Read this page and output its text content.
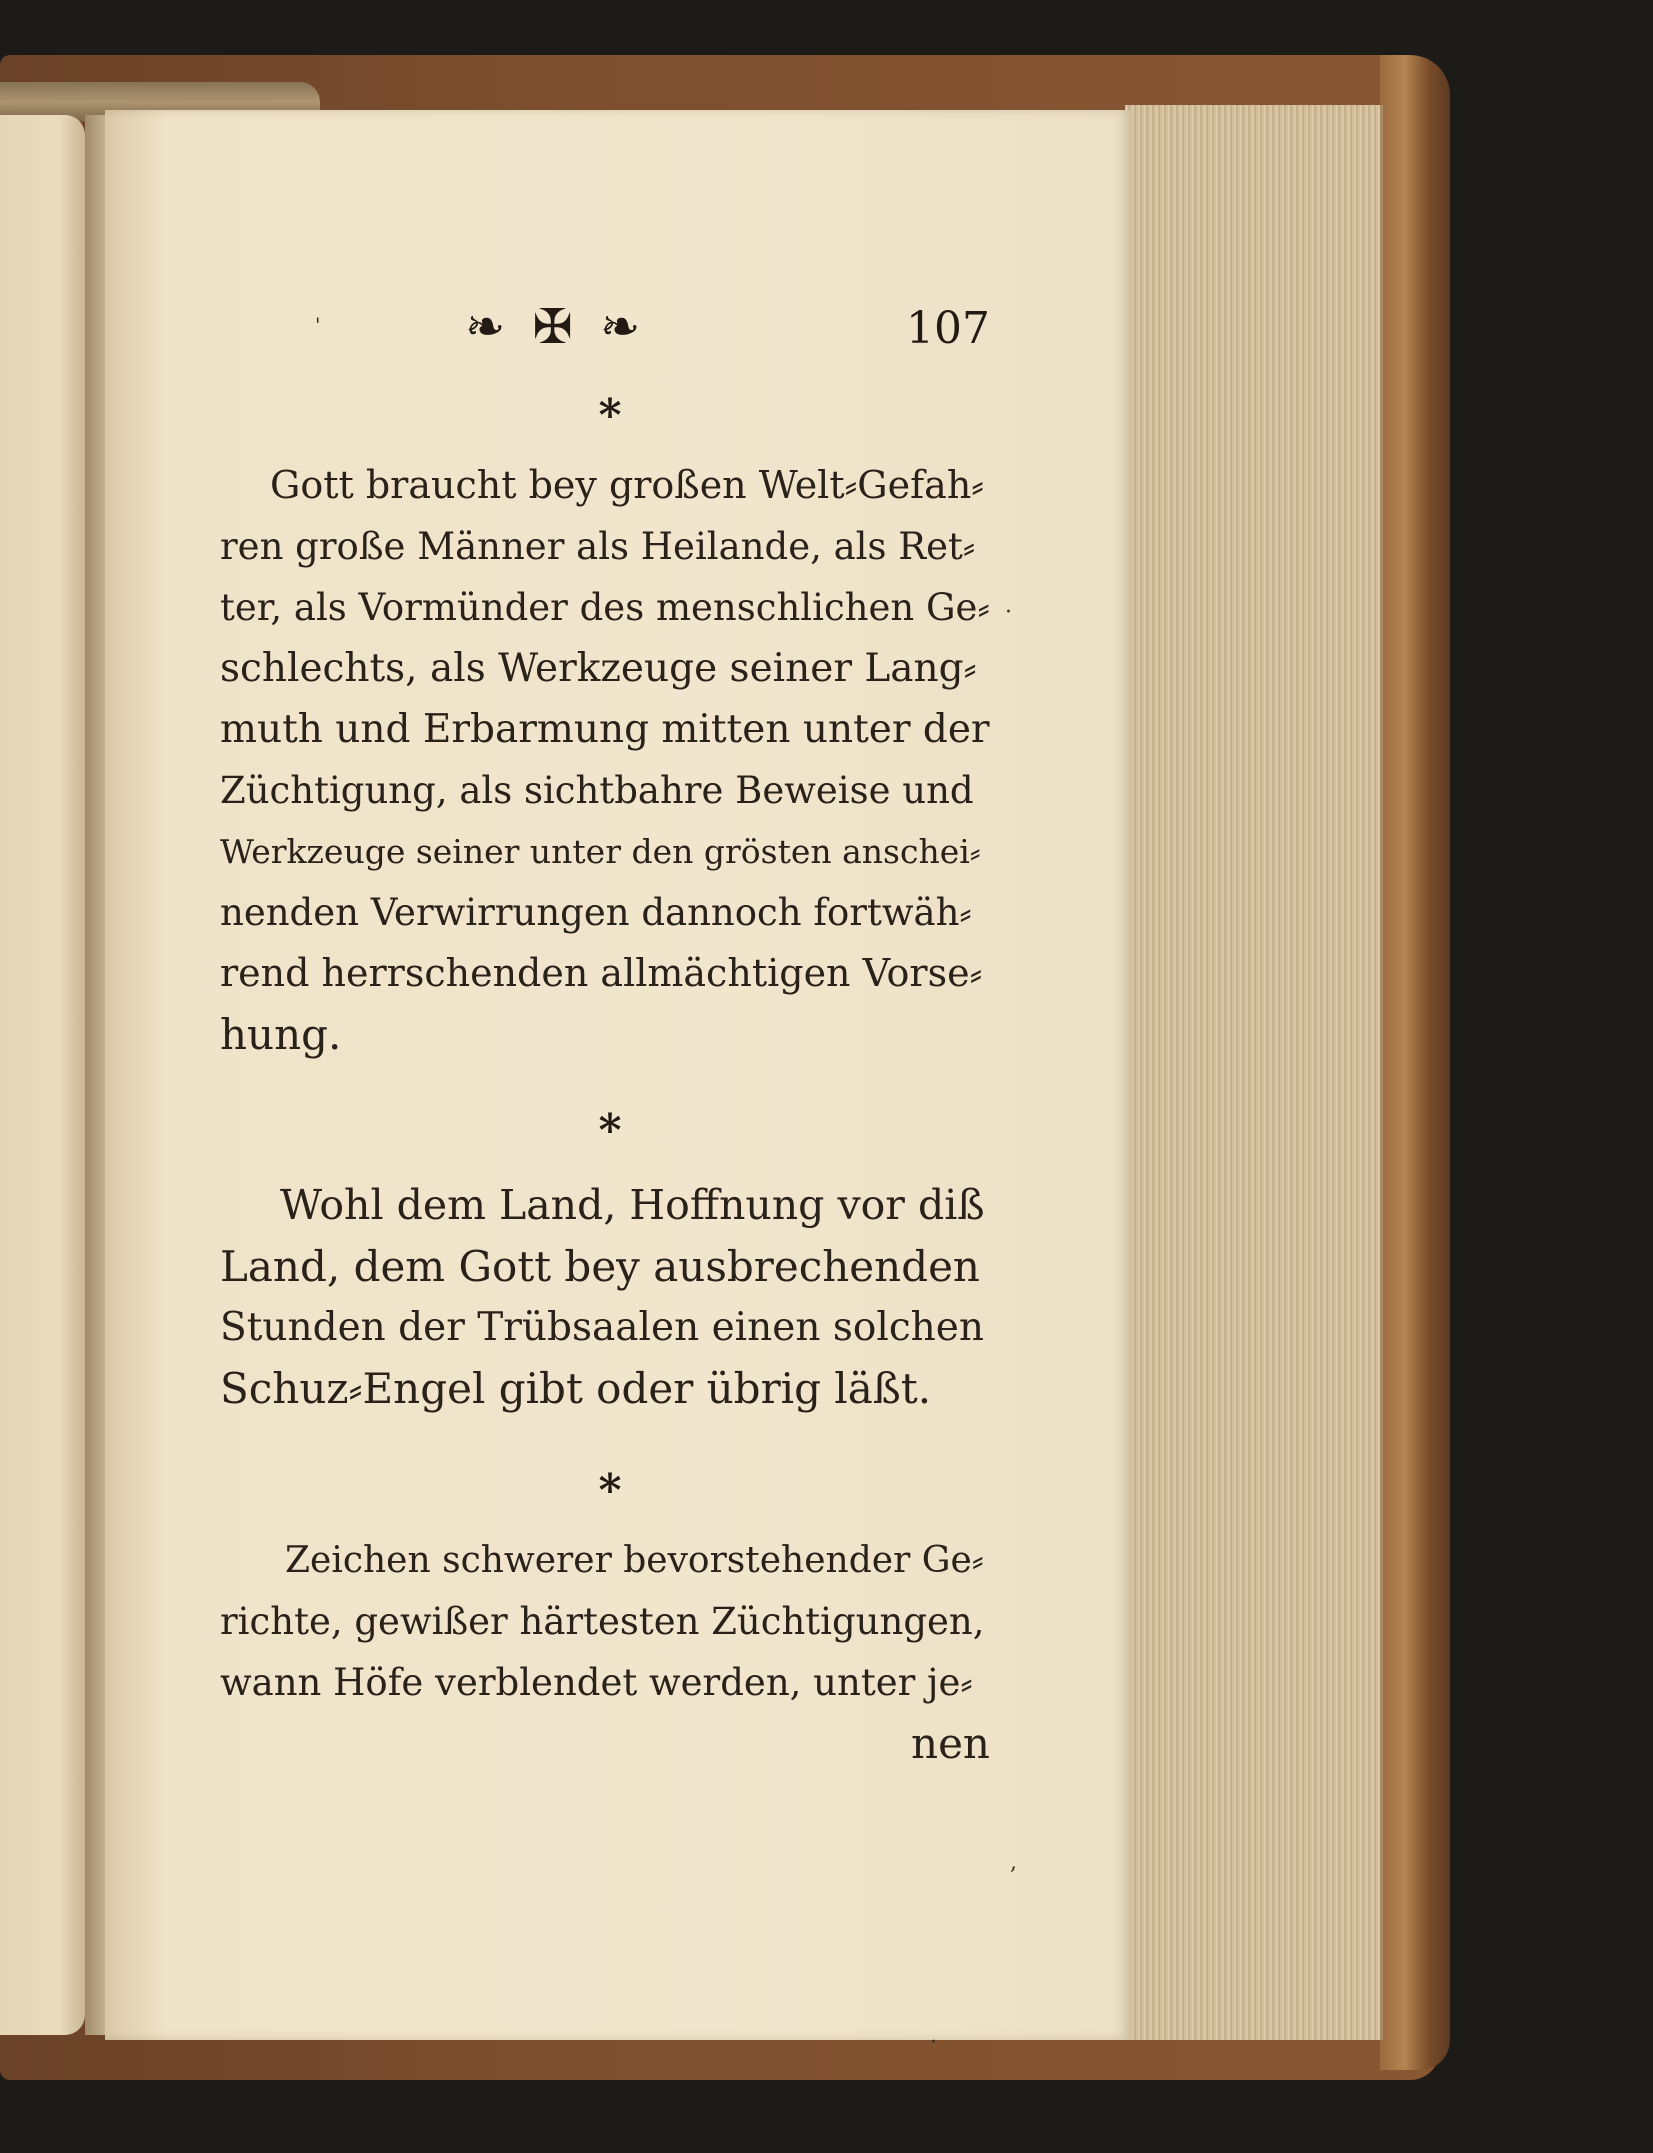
'	❧ ✠ ❧	107
*
Gott braucht bey großen Welt⸗Gefah⸗
ren große Männer als Heilande, als Ret⸗
ter, als Vormünder des menschlichen Ge⸗
schlechts, als Werkzeuge seiner Lang⸗
muth und Erbarmung mitten unter der
Züchtigung, als sichtbahre Beweise und
Werkzeuge seiner unter den grösten anschei⸗
nenden Verwirrungen dannoch fortwäh⸗
rend herrschenden allmächtigen Vorse⸗
hung.
*
Wohl dem Land, Hoffnung vor diß
Land, dem Gott bey ausbrechenden
Stunden der Trübsaalen einen solchen
Schuz⸗Engel gibt oder übrig läßt.
*
Zeichen schwerer bevorstehender Ge⸗
richte, gewißer härtesten Züchtigungen,
wann Höfe verblendet werden, unter je⸗
nen
·
,
·
